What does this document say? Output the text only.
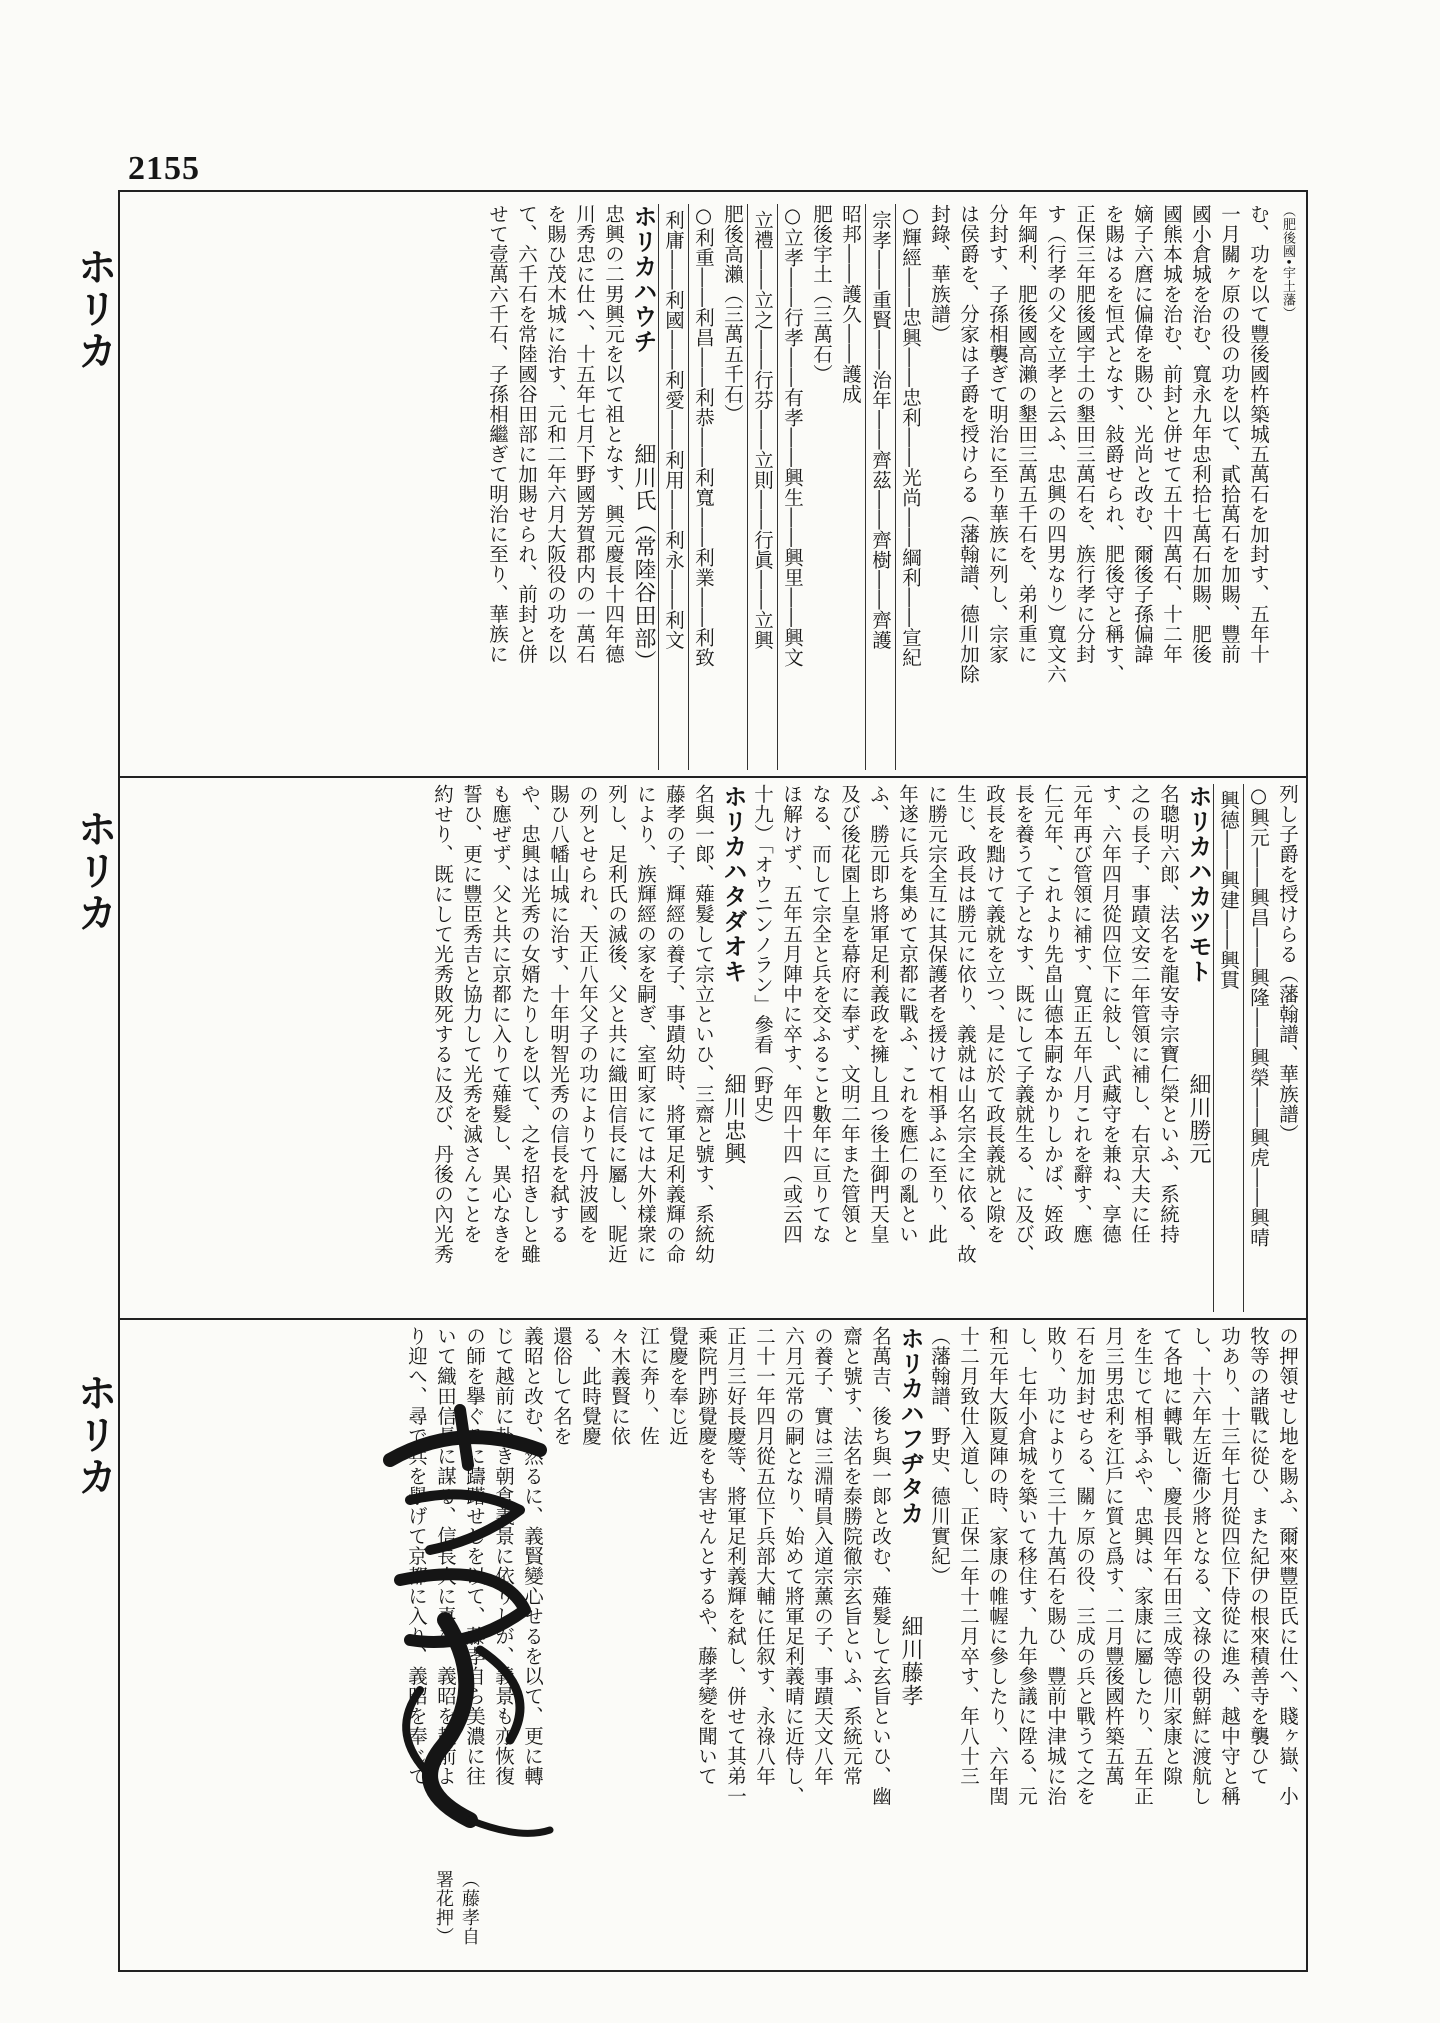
2155
ホリカ
ホリカ
ホリカ

（肥後國•宇土藩）

む、功を以て豐後國杵築城五萬石を加封す、五年十

一月關ヶ原の役の功を以て、貳拾萬石を加賜、豐前

國小倉城を治む、寬永九年忠利拾七萬石加賜、肥後

國熊本城を治む、前封と併せて五十四萬石、十二年

嫡子六麿に偏偉を賜ひ、光尚と改む、爾後子孫偏諱

を賜はるを恒式となす、敍爵せられ、肥後守と稱す、

正保三年肥後國宇土の墾田三萬石を、族行孝に分封

す（行孝の父を立孝と云ふ、忠興の四男なり）寬文六

年綱利、肥後國高瀨の墾田三萬五千石を、弟利重に

分封す、子孫相襲ぎて明治に至り華族に列し、宗家

は侯爵を、分家は子爵を授けらる（藩翰譜、德川加除

封錄、華族譜）

○輝經――忠興――忠利――光尚――綱利――宣紀

宗孝――重賢――治年――齊茲――齊樹――齊護

昭邦――護久――護成

肥後宇土（三萬石）

○立孝――行孝――有孝――興生――興里――興文

立禮――立之――行芬――立則――行眞――立興

肥後高瀨（三萬五千石）

○利重――利昌――利恭――利寬――利業――利致

利庸――利國――利愛――利用――利永――利文

ホリカハウチ　細川氏（常陸谷田部）

忠興の二男興元を以て祖となす、興元慶長十四年德

川秀忠に仕へ、十五年七月下野國芳賀郡内の一萬石

を賜ひ茂木城に治す、元和二年六月大阪役の功を以

て、六千石を常陸國谷田部に加賜せられ、前封と併

せて壹萬六千石、子孫相繼ぎて明治に至り、華族に

列し子爵を授けらる（藩翰譜、華族譜）

○興元――興昌――興隆――興榮――興虎――興晴

興德――興建――興貫

ホリカハカツモト　細川勝元

名聰明六郎、法名を龍安寺宗寶仁榮といふ、系統持

之の長子、事蹟文安二年管領に補し、右京大夫に任

す、六年四月從四位下に敍し、武藏守を兼ね、享德

元年再び管領に補す、寬正五年八月これを辭す、應

仁元年、これより先畠山德本嗣なかりしかば、姪政

長を養うて子となす、既にして子義就生る、に及び、

政長を黜けて義就を立つ、是に於て政長義就と隙を

生じ、政長は勝元に依り、義就は山名宗全に依る、故

に勝元宗全互に其保護者を援けて相爭ふに至り、此

年遂に兵を集めて京都に戰ふ、これを應仁の亂とい

ふ、勝元即ち將軍足利義政を擁し且つ後土御門天皇

及び後花園上皇を幕府に奉ず、文明二年また管領と

なる、而して宗全と兵を交ふること數年に亘りてな

ほ解けず、五年五月陣中に卒す、年四十四（或云四

十九）「オウニンノラン」參看（野史）

ホリカハタダオキ　細川忠興

名與一郞、薙髮して宗立といひ、三齋と號す、系統幼

藤孝の子、輝經の養子、事蹟幼時、將軍足利義輝の命

により、族輝經の家を嗣ぎ、室町家にては大外樣衆に

列し、足利氏の滅後、父と共に織田信長に屬し、昵近

の列とせられ、天正八年父子の功によりて丹波國を

賜ひ八幡山城に治す、十年明智光秀の信長を弑する

や、忠興は光秀の女婿たりしを以て、之を招きしと雖

も應ぜず、父と共に京都に入りて薙髮し、異心なきを

誓ひ、更に豐臣秀吉と協力して光秀を滅さんことを

約せり、既にして光秀敗死するに及び、丹後の內光秀

の押領せし地を賜ふ、爾來豐臣氏に仕へ、賤ヶ嶽、小

牧等の諸戰に從ひ、また紀伊の根來積善寺を襲ひて

功あり、十三年七月從四位下侍從に進み、越中守と稱

し、十六年左近衞少將となる、文祿の役朝鮮に渡航し

て各地に轉戰し、慶長四年石田三成等德川家康と隙

を生じて相爭ふや、忠興は、家康に屬したり、五年正

月三男忠利を江戶に質と爲す、二月豐後國杵築五萬

石を加封せらる、關ヶ原の役、三成の兵と戰うて之を

敗り、功によりて三十九萬石を賜ひ、豐前中津城に治

し、七年小倉城を築いて移住す、九年參議に陞る、元

和元年大阪夏陣の時、家康の帷幄に參したり、六年閏

十二月致仕入道し、正保二年十二月卒す、年八十三

（藩翰譜、野史、德川實紀）

ホリカハフヂタカ　細川藤孝

名萬吉、後ち與一郞と改む、薙髮して玄旨といひ、幽

齋と號す、法名を泰勝院徹宗玄旨といふ、系統元常

の養子、實は三淵晴員入道宗薰の子、事蹟天文八年

六月元常の嗣となり、始めて將軍足利義晴に近侍し、

二十一年四月從五位下兵部大輔に任叙す、永祿八年

正月三好長慶等、將軍足利義輝を弑し、併せて其弟一

乘院門跡覺慶をも害せんとするや、藤孝變を聞いて

覺慶を奉じ近

江に奔り、佐

々木義賢に依

る、此時覺慶

還俗して名を

義昭と改む、然るに、義賢變心せるを以て、更に轉

じて越前に赴き朝倉義景に依りしが、義景も亦恢復

の師を擧ぐるに躊躇せしを以て、藤孝自ら美濃に往

いて織田信長に謀る、信長大に喜び、義昭を越前よ

り迎へ、尋で兵を擧げて京都に入り、義昭を奉じて

（藤孝自署花押）
